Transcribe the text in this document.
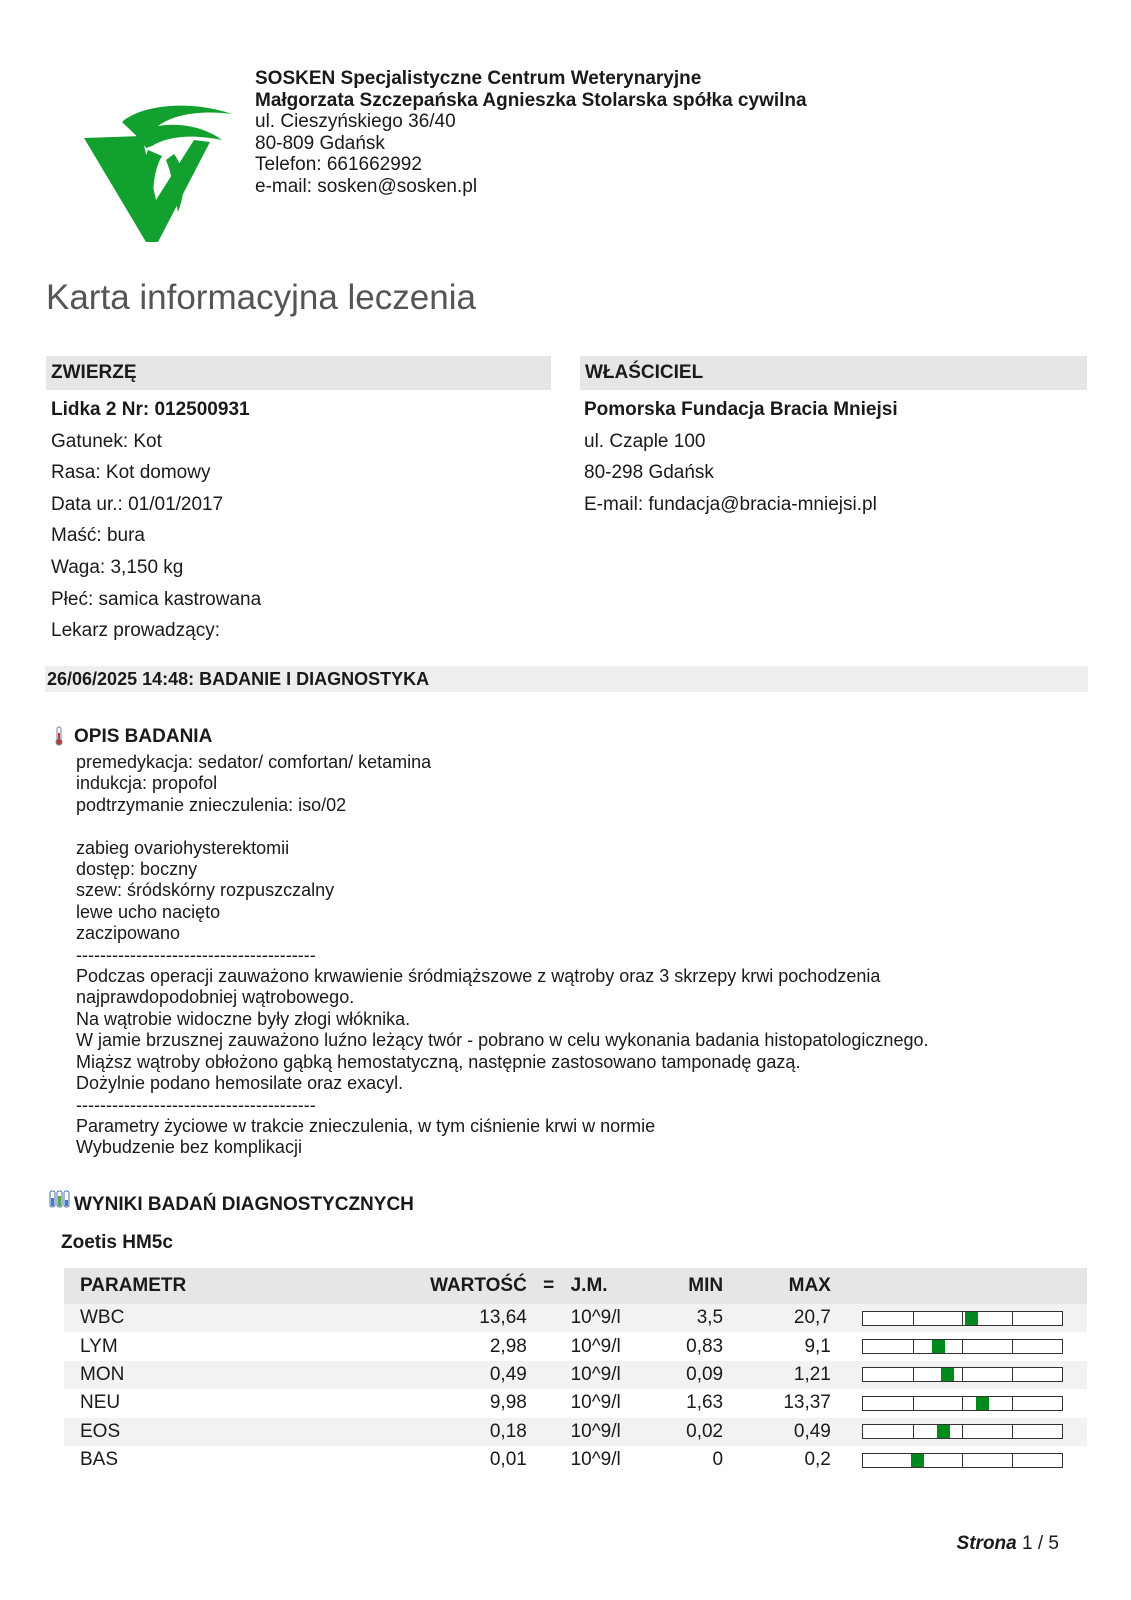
SOSKEN Specjalistyczne Centrum Weterynaryjne
Małgorzata Szczepańska Agnieszka Stolarska spółka cywilna
ul. Cieszyńskiego 36/40
80-809 Gdańsk
Telefon: 661662992
e-mail: sosken@sosken.pl
Karta informacyjna leczenia
ZWIERZĘ	WŁAŚCICIEL
Lidka 2 Nr: 012500931
Gatunek: Kot
Rasa: Kot domowy
Data ur.: 01/01/2017
Maść: bura
Waga: 3,150 kg
Płeć: samica kastrowana
Lekarz prowadzący:
Pomorska Fundacja Bracia Mniejsi
ul. Czaple 100
80-298 Gdańsk
E-mail: fundacja@bracia-mniejsi.pl
26/06/2025 14:48: BADANIE I DIAGNOSTYKA
OPIS BADANIA
premedykacja: sedator/ comfortan/ ketamina
indukcja: propofol
podtrzymanie znieczulenia: iso/02

zabieg ovariohysterektomii
dostęp: boczny
szew: śródskórny rozpuszczalny
lewe ucho nacięto
zaczipowano
----------------------------------------
Podczas operacji zauważono krwawienie śródmiąższowe z wątroby oraz 3 skrzepy krwi pochodzenia
najprawdopodobniej wątrobowego.
Na wątrobie widoczne były złogi włóknika.
W jamie brzusznej zauważono luźno leżący twór - pobrano w celu wykonania badania histopatologicznego.
Miąższ wątroby obłożono gąbką hemostatyczną, następnie zastosowano tamponadę gazą.
Dożylnie podano hemosilate oraz exacyl.
----------------------------------------
Parametry życiowe w trakcie znieczulenia, w tym ciśnienie krwi w normie
Wybudzenie bez komplikacji
WYNIKI BADAŃ DIAGNOSTYCZNYCH
Zoetis HM5c
PARAMETR	WARTOŚĆ	=	J.M.	MIN	MAX	
WBC	13,64		10^9/l	3,5	20,7	

LYM	2,98		10^9/l	0,83	9,1	

MON	0,49		10^9/l	0,09	1,21	

NEU	9,98		10^9/l	1,63	13,37	

EOS	0,18		10^9/l	0,02	0,49	

BAS	0,01		10^9/l	0	0,2	
Strona 1 / 5
